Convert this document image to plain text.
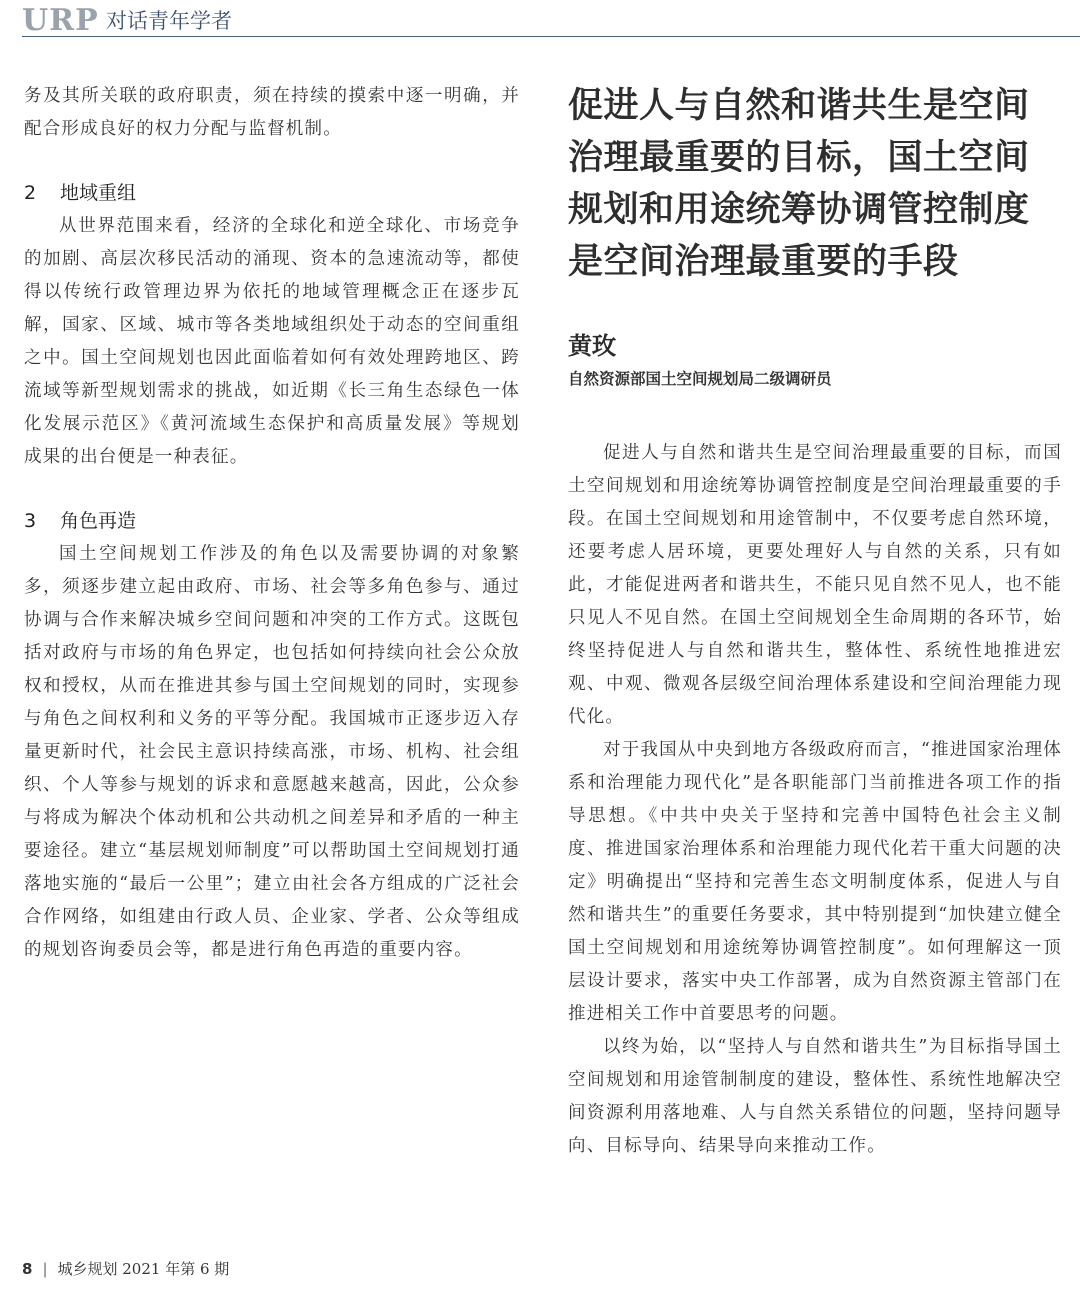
URP 对话青年学者

务及其所关联的政府职责，须在持续的摸索中逐一明确，并配合形成良好的权力分配与监督机制。

2 地域重组

从世界范围来看，经济的全球化和逆全球化、市场竞争的加剧、高层次移民活动的涌现、资本的急速流动等，都使得以传统行政管理边界为依托的地域管理概念正在逐步瓦解，国家、区域、城市等各类地域组织处于动态的空间重组之中。国土空间规划也因此面临着如何有效处理跨地区、跨流域等新型规划需求的挑战，如近期《长三角生态绿色一体化发展示范区》《黄河流域生态保护和高质量发展》等规划成果的出台便是一种表征。

3 角色再造

国土空间规划工作涉及的角色以及需要协调的对象繁多，须逐步建立起由政府、市场、社会等多角色参与、通过协调与合作来解决城乡空间问题和冲突的工作方式。这既包括对政府与市场的角色界定，也包括如何持续向社会公众放权和授权，从而在推进其参与国土空间规划的同时，实现参与角色之间权利和义务的平等分配。我国城市正逐步迈入存量更新时代，社会民主意识持续高涨，市场、机构、社会组织、个人等参与规划的诉求和意愿越来越高，因此，公众参与将成为解决个体动机和公共动机之间差异和矛盾的一种主要途径。建立“基层规划师制度”可以帮助国土空间规划打通落地实施的“最后一公里”；建立由社会各方组成的广泛社会合作网络，如组建由行政人员、企业家、学者、公众等组成的规划咨询委员会等，都是进行角色再造的重要内容。

促进人与自然和谐共生是空间治理最重要的目标，国土空间规划和用途统筹协调管控制度是空间治理最重要的手段
黄玫
自然资源部国土空间规划局二级调研员

促进人与自然和谐共生是空间治理最重要的目标，而国土空间规划和用途统筹协调管控制度是空间治理最重要的手段。在国土空间规划和用途管制中，不仅要考虑自然环境，还要考虑人居环境，更要处理好人与自然的关系，只有如此，才能促进两者和谐共生，不能只见自然不见人，也不能只见人不见自然。在国土空间规划全生命周期的各环节，始终坚持促进人与自然和谐共生，整体性、系统性地推进宏观、中观、微观各层级空间治理体系建设和空间治理能力现代化。

对于我国从中央到地方各级政府而言，“推进国家治理体系和治理能力现代化”是各职能部门当前推进各项工作的指导思想。《中共中央关于坚持和完善中国特色社会主义制度、推进国家治理体系和治理能力现代化若干重大问题的决定》明确提出“坚持和完善生态文明制度体系，促进人与自然和谐共生”的重要任务要求，其中特别提到“加快建立健全国土空间规划和用途统筹协调管控制度”。如何理解这一顶层设计要求，落实中央工作部署，成为自然资源主管部门在推进相关工作中首要思考的问题。

以终为始，以“坚持人与自然和谐共生”为目标指导国土空间规划和用途管制制度的建设，整体性、系统性地解决空间资源利用落地难、人与自然关系错位的问题，坚持问题导向、目标导向、结果导向来推动工作。

8 | 城乡规划 2021 年第 6 期
